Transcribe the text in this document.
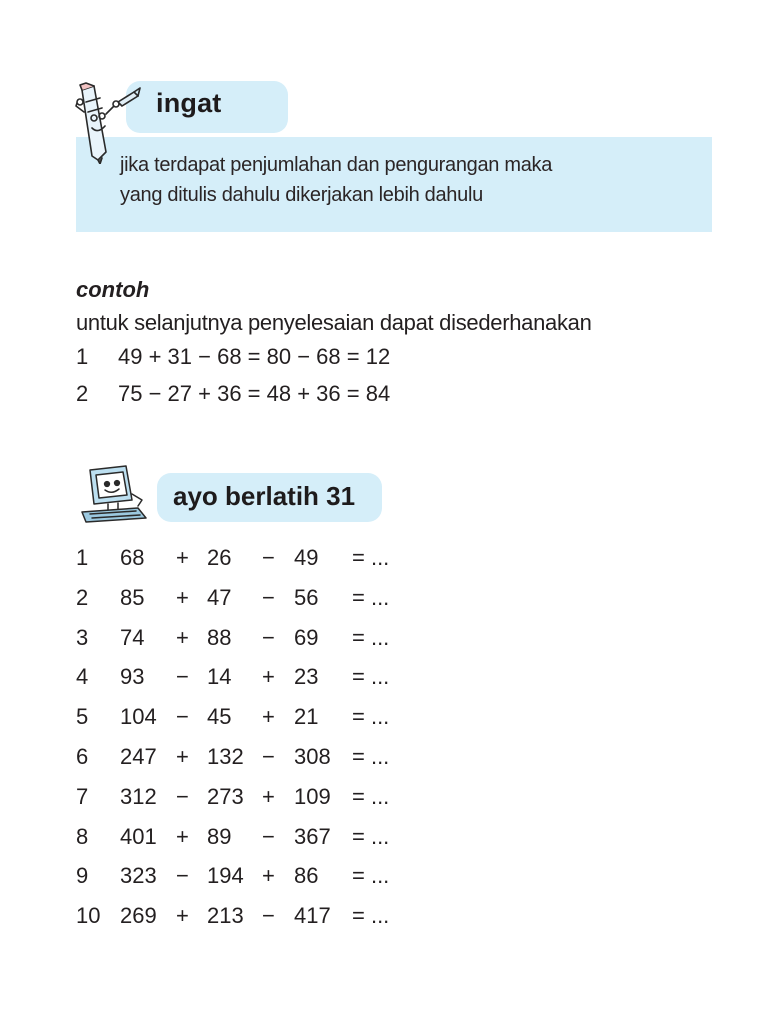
ingat
jika terdapat penjumlahan dan pengurangan maka
yang ditulis dahulu dikerjakan lebih dahulu
contoh
untuk selanjutnya penyelesaian dapat disederhanakan
1 49 + 31 − 68 = 80 − 68 = 12
2 75 − 27 + 36 = 48 + 36 = 84
ayo berlatih 31
1 68 + 26 − 49 = ...
2 85 + 47 − 56 = ...
3 74 + 88 − 69 = ...
4 93 − 14 + 23 = ...
5 104 − 45 + 21 = ...
6 247 + 132 − 308 = ...
7 312 − 273 + 109 = ...
8 401 + 89 − 367 = ...
9 323 − 194 + 86 = ...
10 269 + 213 − 417 = ...
